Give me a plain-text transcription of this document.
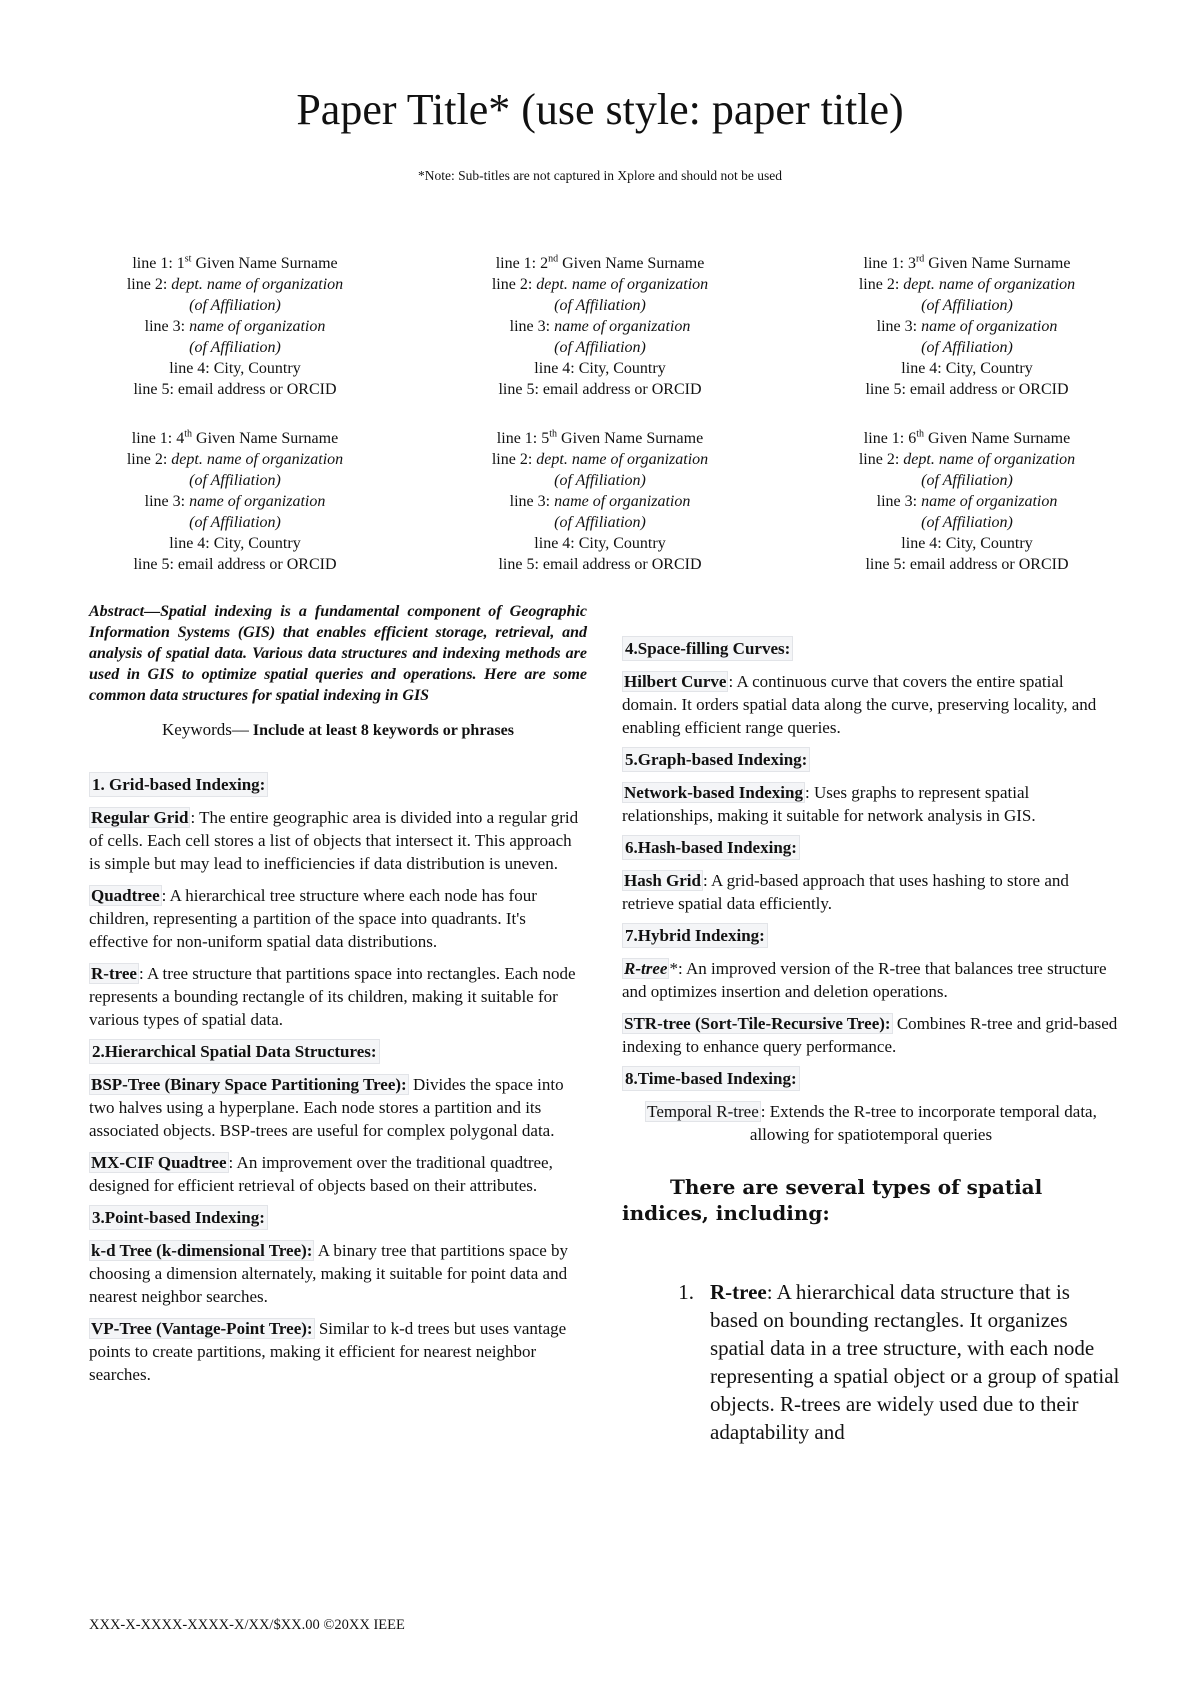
Paper Title* (use style: paper title)
*Note: Sub-titles are not captured in Xplore and should not be used
line 1: 1st Given Name Surname
line 2: dept. name of organization
(of Affiliation)
line 3: name of organization
(of Affiliation)
line 4: City, Country
line 5: email address or ORCID
line 1: 2nd Given Name Surname
line 2: dept. name of organization
(of Affiliation)
line 3: name of organization
(of Affiliation)
line 4: City, Country
line 5: email address or ORCID
line 1: 3rd Given Name Surname
line 2: dept. name of organization
(of Affiliation)
line 3: name of organization
(of Affiliation)
line 4: City, Country
line 5: email address or ORCID
line 1: 4th Given Name Surname
line 2: dept. name of organization
(of Affiliation)
line 3: name of organization
(of Affiliation)
line 4: City, Country
line 5: email address or ORCID
line 1: 5th Given Name Surname
line 2: dept. name of organization
(of Affiliation)
line 3: name of organization
(of Affiliation)
line 4: City, Country
line 5: email address or ORCID
line 1: 6th Given Name Surname
line 2: dept. name of organization
(of Affiliation)
line 3: name of organization
(of Affiliation)
line 4: City, Country
line 5: email address or ORCID
Abstract—Spatial indexing is a fundamental component of Geographic Information Systems (GIS) that enables efficient storage, retrieval, and analysis of spatial data. Various data structures and indexing methods are used in GIS to optimize spatial queries and operations. Here are some common data structures for spatial indexing in GIS
Keywords— Include at least 8 keywords or phrases
1. Grid-based Indexing:
Regular Grid : The entire geographic area is divided into a regular grid of cells. Each cell stores a list of objects that intersect it. This approach is simple but may lead to inefficiencies if data distribution is uneven.
Quadtree : A hierarchical tree structure where each node has four children, representing a partition of the space into quadrants. It's effective for non-uniform spatial data distributions.
R-tree : A tree structure that partitions space into rectangles. Each node represents a bounding rectangle of its children, making it suitable for various types of spatial data.
2.Hierarchical Spatial Data Structures:
BSP-Tree (Binary Space Partitioning Tree): Divides the space into two halves using a hyperplane. Each node stores a partition and its associated objects. BSP-trees are useful for complex polygonal data.
MX-CIF Quadtree : An improvement over the traditional quadtree, designed for efficient retrieval of objects based on their attributes.
3.Point-based Indexing:
k-d Tree (k-dimensional Tree): A binary tree that partitions space by choosing a dimension alternately, making it suitable for point data and nearest neighbor searches.
VP-Tree (Vantage-Point Tree): Similar to k-d trees but uses vantage points to create partitions, making it efficient for nearest neighbor searches.
4.Space-filling Curves:
Hilbert Curve : A continuous curve that covers the entire spatial domain. It orders spatial data along the curve, preserving locality, and enabling efficient range queries.
5.Graph-based Indexing:
Network-based Indexing : Uses graphs to represent spatial relationships, making it suitable for network analysis in GIS.
6.Hash-based Indexing:
Hash Grid : A grid-based approach that uses hashing to store and retrieve spatial data efficiently.
7.Hybrid Indexing:
R-tree *: An improved version of the R-tree that balances tree structure and optimizes insertion and deletion operations.
STR-tree (Sort-Tile-Recursive Tree): Combines R-tree and grid-based indexing to enhance query performance.
8.Time-based Indexing:
Temporal R-tree : Extends the R-tree to incorporate temporal data, allowing for spatiotemporal queries
There are several types of spatial indices, including:
1. R-tree: A hierarchical data structure that is based on bounding rectangles. It organizes spatial data in a tree structure, with each node representing a spatial object or a group of spatial objects. R-trees are widely used due to their adaptability and
XXX-X-XXXX-XXXX-X/XX/$XX.00 ©20XX IEEE
